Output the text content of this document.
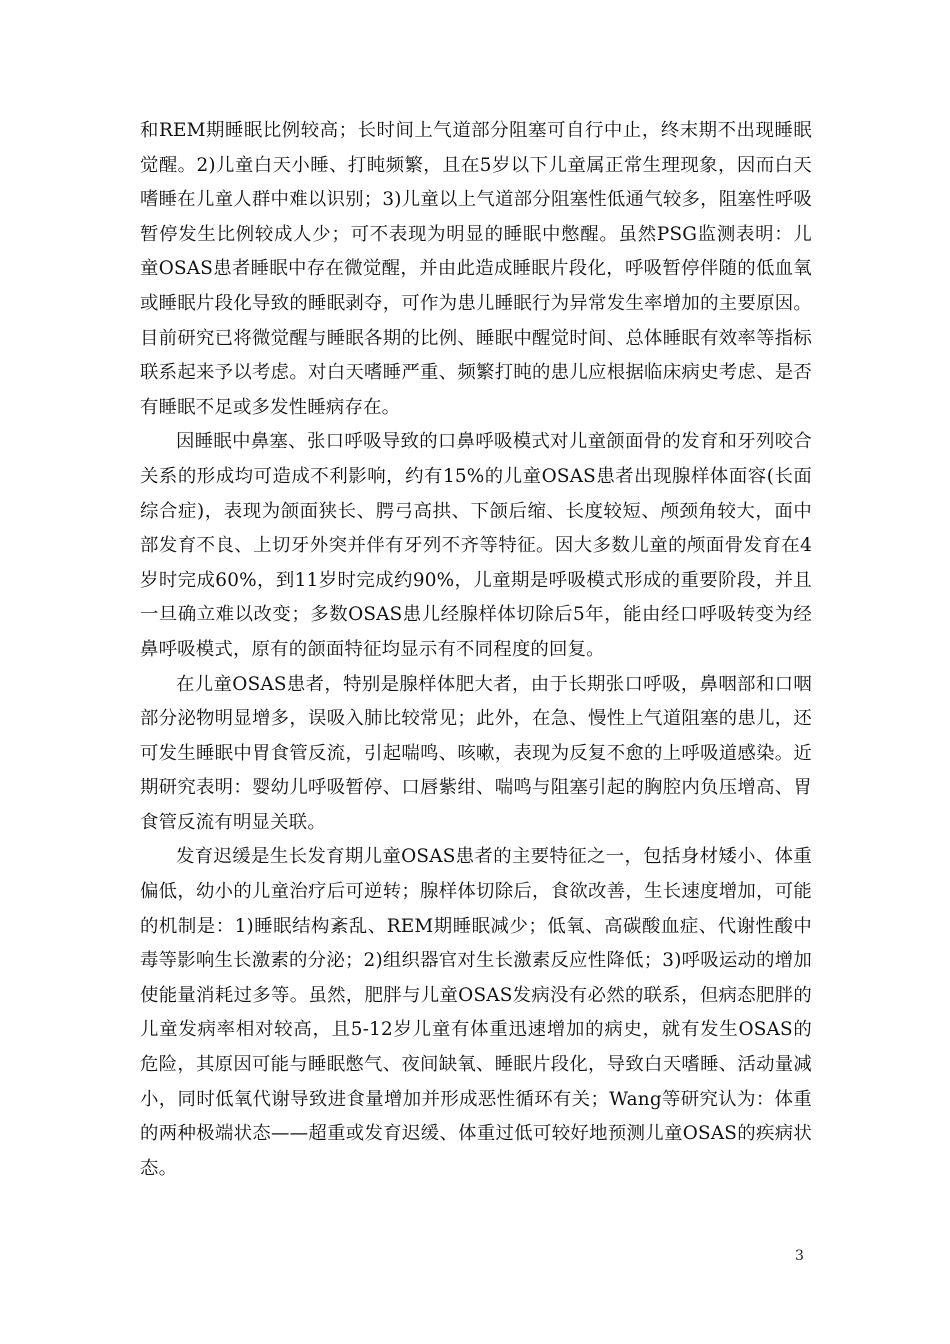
和REM期睡眠比例较高；长时间上气道部分阻塞可自行中止，终末期不出现睡眠觉醒。2)儿童白天小睡、打盹频繁，且在5岁以下儿童属正常生理现象，因而白天嗜睡在儿童人群中难以识别；3)儿童以上气道部分阻塞性低通气较多，阻塞性呼吸暂停发生比例较成人少；可不表现为明显的睡眠中憋醒。虽然PSG监测表明：儿童OSAS患者睡眠中存在微觉醒，并由此造成睡眠片段化，呼吸暂停伴随的低血氧或睡眠片段化导致的睡眠剥夺，可作为患儿睡眠行为异常发生率增加的主要原因。目前研究已将微觉醒与睡眠各期的比例、睡眠中醒觉时间、总体睡眠有效率等指标联系起来予以考虑。对白天嗜睡严重、频繁打盹的患儿应根据临床病史考虑、是否有睡眠不足或多发性睡病存在。

因睡眠中鼻塞、张口呼吸导致的口鼻呼吸模式对儿童颌面骨的发育和牙列咬合关系的形成均可造成不利影响，约有15%的儿童OSAS患者出现腺样体面容(长面综合症)，表现为颌面狭长、腭弓高拱、下颌后缩、长度较短、颅颈角较大，面中部发育不良、上切牙外突并伴有牙列不齐等特征。因大多数儿童的颅面骨发育在4岁时完成60%，到11岁时完成约90%，儿童期是呼吸模式形成的重要阶段，并且一旦确立难以改变；多数OSAS患儿经腺样体切除后5年，能由经口呼吸转变为经鼻呼吸模式，原有的颌面特征均显示有不同程度的回复。

在儿童OSAS患者，特别是腺样体肥大者，由于长期张口呼吸，鼻咽部和口咽部分泌物明显增多，误吸入肺比较常见；此外，在急、慢性上气道阻塞的患儿，还可发生睡眠中胃食管反流，引起喘鸣、咳嗽，表现为反复不愈的上呼吸道感染。近期研究表明：婴幼儿呼吸暂停、口唇紫绀、喘鸣与阻塞引起的胸腔内负压增高、胃食管反流有明显关联。

发育迟缓是生长发育期儿童OSAS患者的主要特征之一，包括身材矮小、体重偏低，幼小的儿童治疗后可逆转；腺样体切除后，食欲改善，生长速度增加，可能的机制是：1)睡眠结构紊乱、REM期睡眠减少；低氧、高碳酸血症、代谢性酸中毒等影响生长激素的分泌；2)组织器官对生长激素反应性降低；3)呼吸运动的增加使能量消耗过多等。虽然，肥胖与儿童OSAS发病没有必然的联系，但病态肥胖的儿童发病率相对较高，且5-12岁儿童有体重迅速增加的病史，就有发生OSAS的危险，其原因可能与睡眠憋气、夜间缺氧、睡眠片段化，导致白天嗜睡、活动量减小，同时低氧代谢导致进食量增加并形成恶性循环有关；Wang等研究认为：体重的两种极端状态——超重或发育迟缓、体重过低可较好地预测儿童OSAS的疾病状态。

3
